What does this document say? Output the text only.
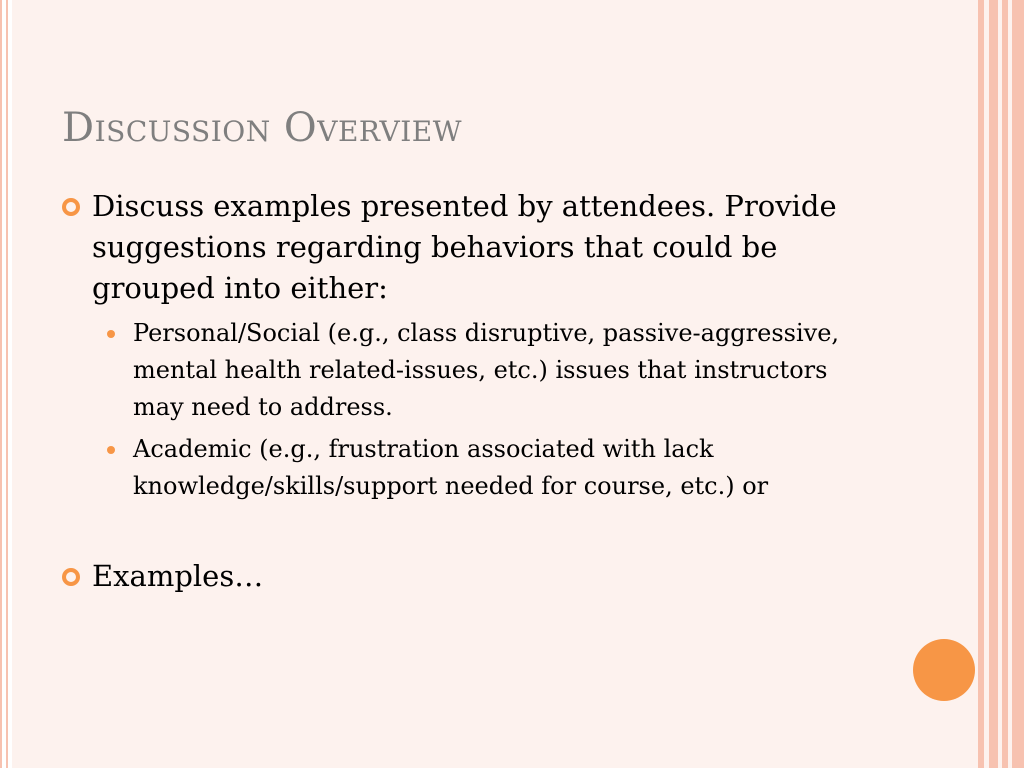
Discussion Overview

Discuss examples presented by attendees. Provide suggestions regarding behaviors that could be grouped into either:

Personal/Social (e.g., class disruptive, passive-aggressive, mental health related-issues, etc.) issues that instructors may need to address.

Academic (e.g., frustration associated with lack knowledge/skills/support needed for course, etc.) or

Examples…
